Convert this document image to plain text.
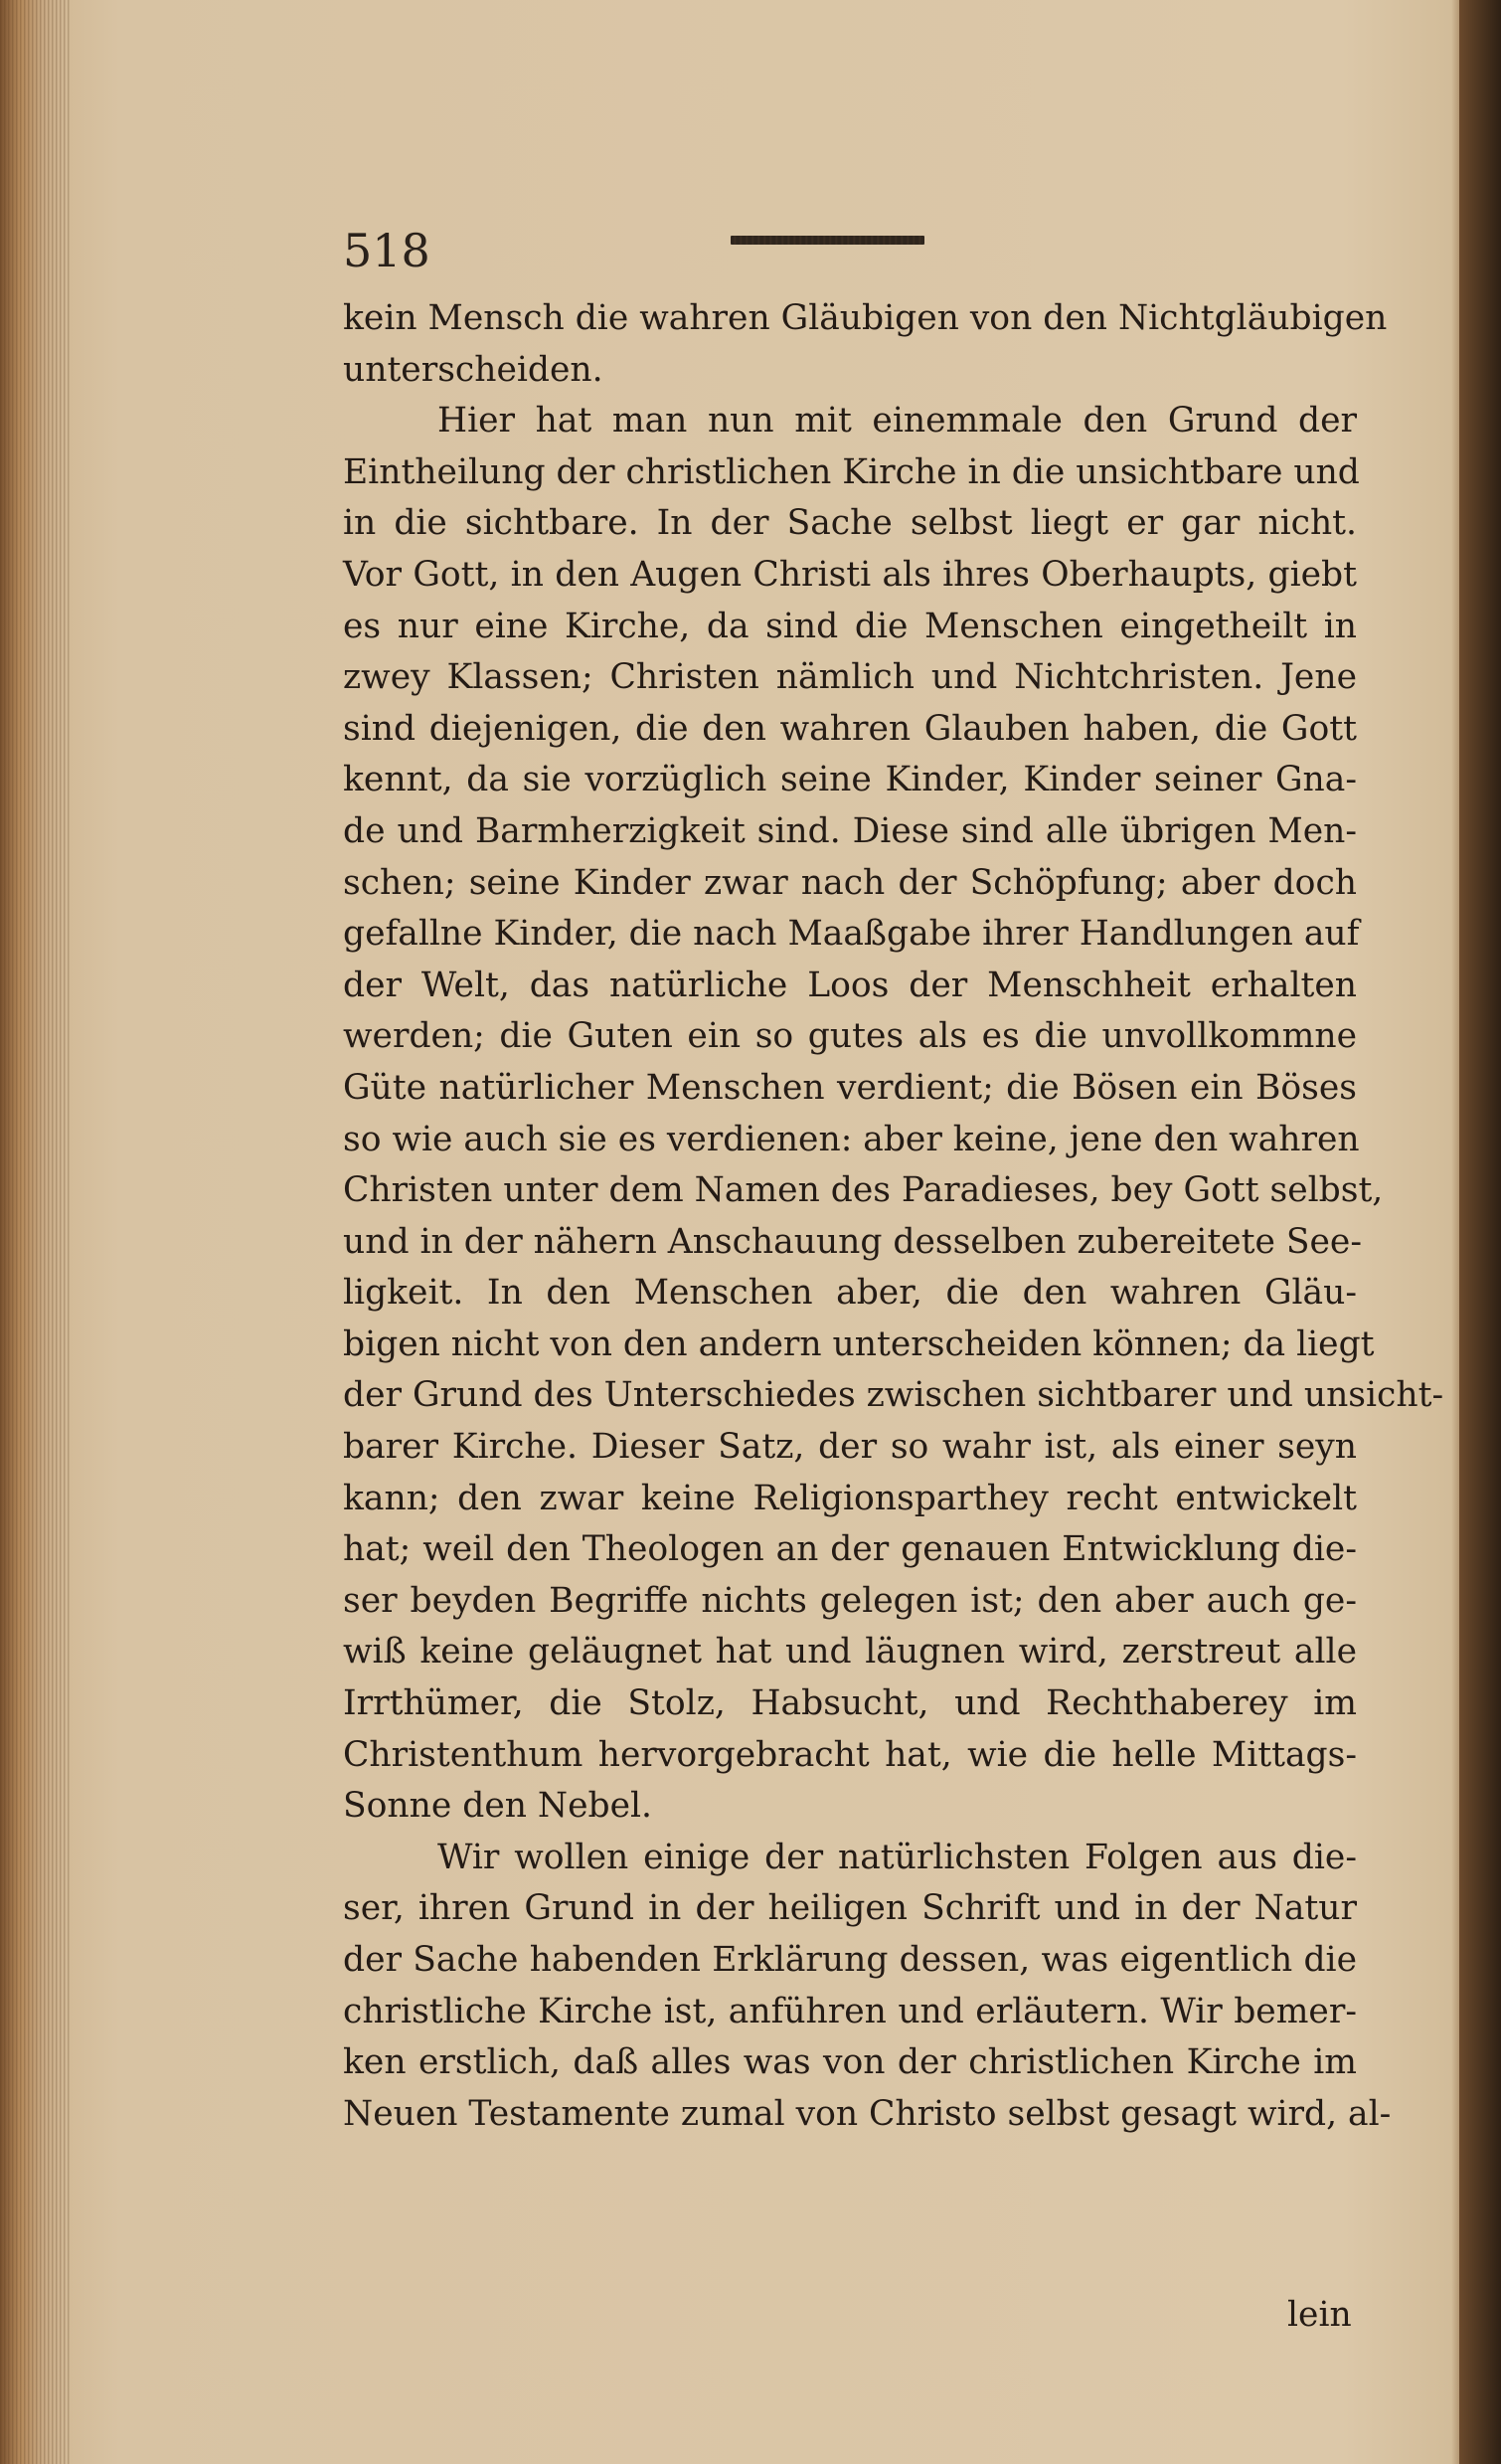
518
kein Mensch die wahren Gläubigen von den Nichtgläubigen
unterscheiden.
Hier hat man nun mit einemmale den Grund der
Eintheilung der christlichen Kirche in die unsichtbare und
in die sichtbare. In der Sache selbst liegt er gar nicht.
Vor Gott, in den Augen Christi als ihres Oberhaupts, giebt
es nur eine Kirche, da sind die Menschen eingetheilt in
zwey Klassen; Christen nämlich und Nichtchristen. Jene
sind diejenigen, die den wahren Glauben haben, die Gott
kennt, da sie vorzüglich seine Kinder, Kinder seiner Gna-
de und Barmherzigkeit sind. Diese sind alle übrigen Men-
schen; seine Kinder zwar nach der Schöpfung; aber doch
gefallne Kinder, die nach Maaßgabe ihrer Handlungen auf
der Welt, das natürliche Loos der Menschheit erhalten
werden; die Guten ein so gutes als es die unvollkommne
Güte natürlicher Menschen verdient; die Bösen ein Böses
so wie auch sie es verdienen: aber keine, jene den wahren
Christen unter dem Namen des Paradieses, bey Gott selbst,
und in der nähern Anschauung desselben zubereitete See-
ligkeit. In den Menschen aber, die den wahren Gläu-
bigen nicht von den andern unterscheiden können; da liegt
der Grund des Unterschiedes zwischen sichtbarer und unsicht-
barer Kirche. Dieser Satz, der so wahr ist, als einer seyn
kann; den zwar keine Religionsparthey recht entwickelt
hat; weil den Theologen an der genauen Entwicklung die-
ser beyden Begriffe nichts gelegen ist; den aber auch ge-
wiß keine geläugnet hat und läugnen wird, zerstreut alle
Irrthümer, die Stolz, Habsucht, und Rechthaberey im
Christenthum hervorgebracht hat, wie die helle Mittags-
Sonne den Nebel.
Wir wollen einige der natürlichsten Folgen aus die-
ser, ihren Grund in der heiligen Schrift und in der Natur
der Sache habenden Erklärung dessen, was eigentlich die
christliche Kirche ist, anführen und erläutern. Wir bemer-
ken erstlich, daß alles was von der christlichen Kirche im
Neuen Testamente zumal von Christo selbst gesagt wird, al-
lein
